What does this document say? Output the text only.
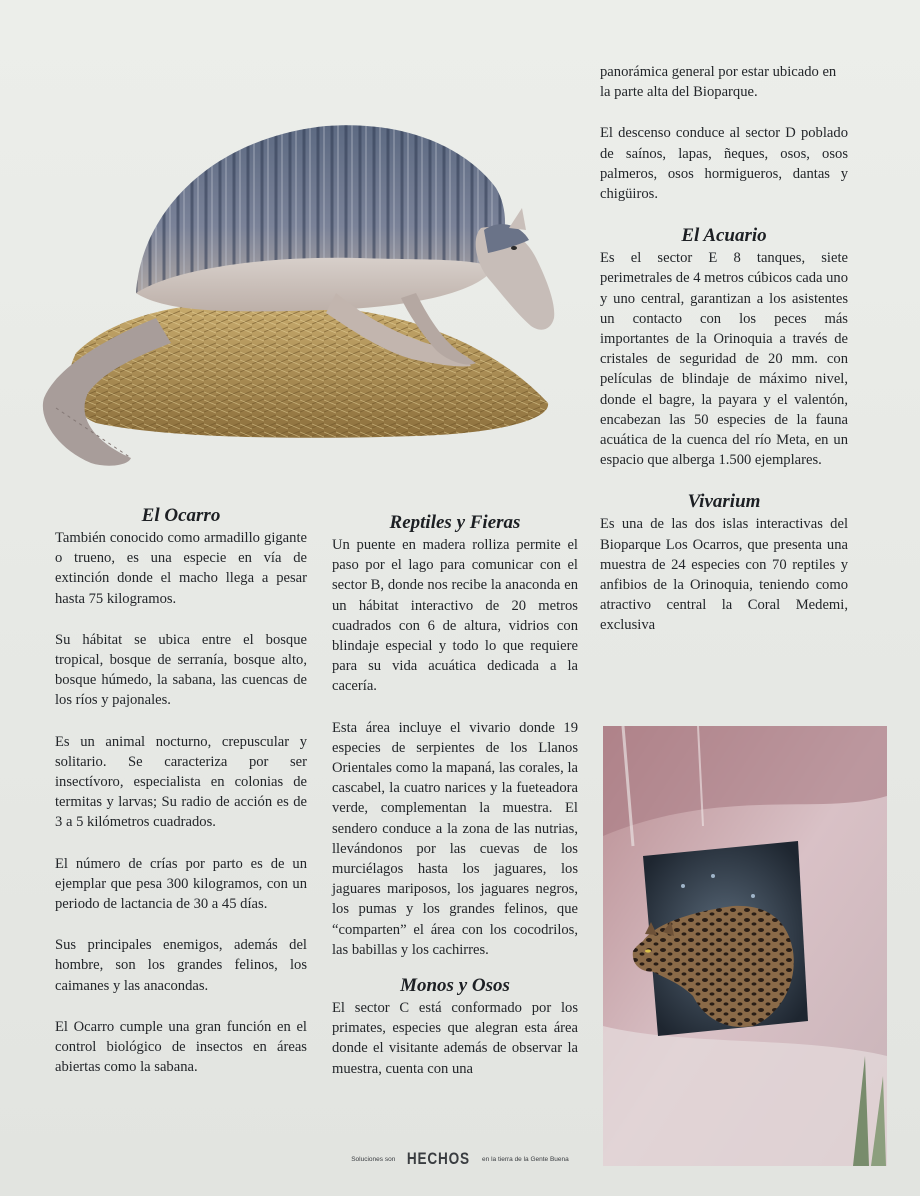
El Ocarro

También conocido como armadillo gigante o trueno, es una especie en vía de extinción donde el macho llega a pesar hasta 75 kilogramos.

Su hábitat se ubica entre el bosque tropical, bosque de serranía, bosque alto, bosque húmedo, la sabana, las cuencas de los ríos y pajonales.

Es un animal nocturno, crepuscular y solitario. Se caracteriza por ser insectívoro, especialista en colonias de termitas y larvas; Su radio de acción es de 3 a 5 kilómetros cuadrados.

El número de crías por parto es de un ejemplar que pesa 300 kilogramos, con un periodo de lactancia de 30 a 45 días.

Sus principales enemigos, además del hombre, son los grandes felinos, los caimanes y las anacondas.

El Ocarro cumple una gran función en el control biológico de insectos en áreas abiertas como la sabana.

Reptiles y Fieras

Un puente en madera rolliza permite el paso por el lago para comunicar con el sector B, donde nos recibe la anaconda en un hábitat interactivo de 20 metros cuadrados con 6 de altura, vidrios con blindaje especial y todo lo que requiere para su vida acuática dedicada a la cacería.

Esta área incluye el vivario donde 19 especies de serpientes de los Llanos Orientales como la mapaná, las corales, la cascabel, la cuatro narices y la fueteadora verde, complementan la muestra. El sendero conduce a la zona de las nutrias, llevándonos por las cuevas de los murciélagos hasta los jaguares, los jaguares mariposos, los jaguares negros, los pumas y los grandes felinos, que “comparten” el área con los cocodrilos, las babillas y los cachirres.

Monos y Osos

El sector C está conformado por los primates, especies que alegran esta área donde el visitante además de observar la muestra, cuenta con una

panorámica general por estar ubicado en la parte alta del Bioparque.

El descenso conduce al sector D poblado de saínos, lapas, ñeques, osos, osos palmeros, osos hormigueros, dantas y chigüiros.

El Acuario

Es el sector E 8 tanques, siete perimetrales de 4 metros cúbicos cada uno y uno central, garantizan a los asistentes un contacto con los peces más importantes de la Orinoquia a través de cristales de seguridad de 20 mm. con películas de blindaje de máximo nivel, donde el bagre, la payara y el valentón, encabezan las 50 especies de la fauna acuática de la cuenca del río Meta, en un espacio que alberga 1.500 ejemplares.

Vivarium

Es una de las dos islas interactivas del Bioparque Los Ocarros, que presenta una muestra de 24 especies con 70 reptiles y anfibios de la Orinoquia, teniendo como atractivo central la Coral Medemi, exclusiva

Soluciones son HECHOS en la tierra de la Gente Buena
